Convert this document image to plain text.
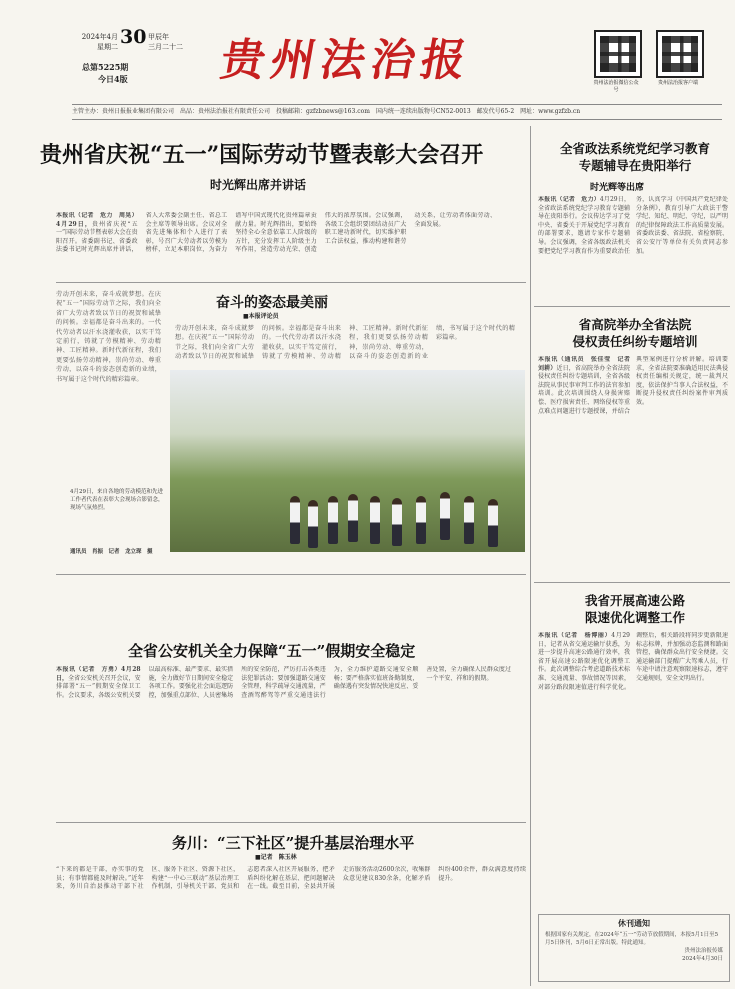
2024年4月
星期二 30 甲辰年
三月二十二
总第5225期
今日4版 贵州法治报	贵州法治报微信公众号
贵州法治报客户端
主管主办：贵州日报报业集团有限公司　出品：贵州法治报社有限责任公司　投稿邮箱：gzfzbnews@163.com　国内统一连续出版物号CN52-0013　邮发代号65-2　网址：www.gzfzb.cn
贵州省庆祝“五一”国际劳动节暨表彰大会召开
时光辉出席并讲话
本报讯（记者　危力　周晃）4月29日，贵州省庆祝“五一”国际劳动节暨表彰大会在贵阳召开。省委副书记、省委政法委书记时光辉出席并讲话，省人大常委会副主任、省总工会主席等领导出席。会议对全省先进集体和个人进行了表彰，号召广大劳动者以劳模为榜样，立足本职岗位，为奋力谱写中国式现代化贵州篇章贡献力量。时光辉指出，要始终坚持全心全意依靠工人阶级的方针，充分发挥工人阶级主力军作用，营造劳动光荣、创造伟大的浓厚氛围。会议强调，各级工会组织要团结动员广大职工建功新时代，切实维护职工合法权益，推动构建和谐劳动关系，让劳动者体面劳动、全面发展。
劳动开创未来，奋斗成就梦想。在庆祝“五一”国际劳动节之际，我们向全省广大劳动者致以节日的祝贺和诚挚的问候。幸福都是奋斗出来的。一代代劳动者以汗水浇灌收获，以实干笃定前行，铸就了劳模精神、劳动精神、工匠精神。新时代新征程，我们更要弘扬劳动精神，崇尚劳动、尊重劳动，以奋斗的姿态创造新的业绩，书写属于这个时代的精彩篇章。
奋斗的姿态最美丽
■本报评论员
劳动开创未来，奋斗成就梦想。在庆祝“五一”国际劳动节之际，我们向全省广大劳动者致以节日的祝贺和诚挚的问候。幸福都是奋斗出来的。一代代劳动者以汗水浇灌收获，以实干笃定前行，铸就了劳模精神、劳动精神、工匠精神。新时代新征程，我们更要弘扬劳动精神，崇尚劳动、尊重劳动，以奋斗的姿态创造新的业绩，书写属于这个时代的精彩篇章。
4月29日，来自各地的劳动模范和先进工作者代表在表彰大会现场合影留念，现场气氛热烈。
通讯员　肖振　记者　龙立琛　摄
全省公安机关全力保障“五一”假期安全稳定
本报讯（记者　方勇）4月28日，全省公安机关召开会议，安排部署“五一”假期安全保卫工作。会议要求，各级公安机关要以最高标准、最严要求、最实措施，全力做好节日期间安全稳定各项工作。要强化社会面巡逻防控，加强重点部位、人员密集场所的安全防范，严厉打击各类违法犯罪活动；要加强道路交通安全管理，科学疏导交通流量，严查酒驾醉驾等严重交通违法行为，全力维护道路交通安全顺畅；要严格落实值班备勤制度，确保遇有突发情况快速反应、妥善处置，全力确保人民群众度过一个平安、祥和的假期。
务川：“三下社区”提升基层治理水平
■记者　陈玉林
“下来的都是干部，办实事的党员；有事情都能及时解决。”近年来，务川自治县推动干部下社区、服务下社区、资源下社区，构建“一中心三联动”基层治理工作机制，引导机关干部、党员和志愿者深入社区开展服务，把矛盾纠纷化解在基层、把问题解决在一线。截至目前，全县共开展走访服务活动2600余次，收集群众意见建议830余条，化解矛盾纠纷400余件，群众满意度持续提升。
全省政法系统党纪学习教育
专题辅导在贵阳举行
时光辉等出席
本报讯（记者　危力）4月29日，全省政法系统党纪学习教育专题辅导在贵阳举行。会议传达学习了党中央、省委关于开展党纪学习教育的部署要求，邀请专家作专题辅导。会议强调，全省各级政法机关要把党纪学习教育作为重要政治任务，认真学习《中国共产党纪律处分条例》，教育引导广大政法干警学纪、知纪、明纪、守纪，以严明的纪律保障政法工作高质量发展。省委政法委、省法院、省检察院、省公安厅等单位有关负责同志参加。
省高院举办全省法院
侵权责任纠纷专题培训
本报讯（通讯员　张佳莹　记者　刘耕）近日，省高院举办全省法院侵权责任纠纷专题培训，全省各级法院从事民事审判工作的法官参加培训。此次培训围绕人身损害赔偿、医疗损害责任、网络侵权等重点难点问题进行专题授课，并结合典型案例进行分析讲解。培训要求，全省法院要准确适用民法典侵权责任编相关规定，统一裁判尺度，依法保护当事人合法权益，不断提升侵权责任纠纷案件审判质效。
我省开展高速公路
限速优化调整工作
本报讯（记者　杨博丽）4月29日，记者从省交通运输厅获悉，为进一步提升高速公路通行效率，我省开展高速公路限速优化调整工作。此次调整综合考虑道路技术标准、交通流量、事故情况等因素，对部分路段限速值进行科学优化。调整后，相关路段将同步更新限速标志标牌，并加强动态监测和路面管控，确保群众出行安全便捷。交通运输部门提醒广大驾乘人员，行车途中请注意观察限速标志，遵守交通规则，安全文明出行。
休刊通知
根据国家有关规定，在2024年“五一”劳动节放假期间，本报5月1日至5月5日休刊，5月6日正常出版。特此通知。
贵州法治报传媒
2024年4月30日
